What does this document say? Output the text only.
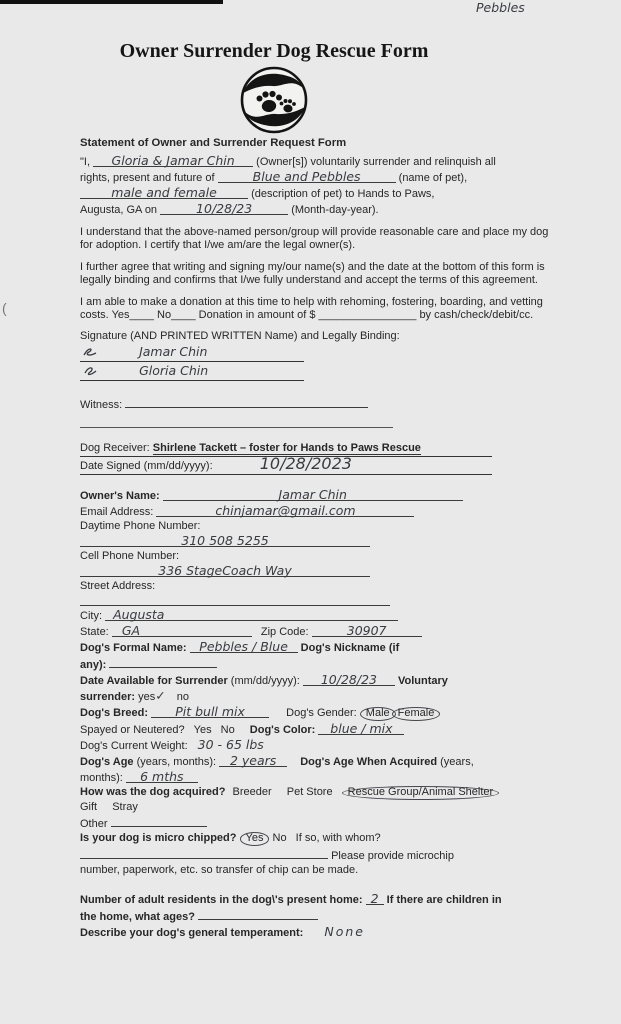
(
Pebbles
Owner Surrender Dog Rescue Form
Statement of Owner and Surrender Request Form
"I, Gloria & Jamar Chin (Owner[s]) voluntarily surrender and relinquish all
rights, present and future of	Blue and Pebbles	(name of pet),
male and female	(description of pet) to Hands to Paws,
Augusta, GA on	10/28/23	(Month-day-year).

I understand that the above-named person/group will provide reasonable care and place my dog for adoption. I certify that I/we am/are the legal owner(s).

I further agree that writing and signing my/our name(s) and the date at the bottom of this form is legally binding and confirms that I/we fully understand and accept the terms of this agreement.

I am able to make a donation at this time to help with rehoming, fostering, boarding, and vetting costs. Yes____ No____ Donation in amount of $ ________________ by cash/check/debit/cc.

Signature (AND PRINTED WRITTEN Name) and Legally Binding:

Jamar Chin
Gloria Chin
Witness:
Dog Receiver: Shirlene Tackett – foster for Hands to Paws Rescue
Date Signed (mm/dd/yyyy):	10/28/2023
Owner's Name:	Jamar Chin
Email Address:	chinjamar@gmail.com
Daytime Phone Number:
310 508 5255
Cell Phone Number:
336 StageCoach Way
Street Address:
City: Augusta
State: GA	Zip Code:	30907
Dog's Formal Name: Pebbles / Blue Dog's Nickname (if
any):
Date Available for Surrender (mm/dd/yyyy): 10/28/23 Voluntary
surrender: yes✓ no
Dog's Breed: Pit bull mix	Dog's Gender: Male Female
Spayed or Neutered? Yes No Dog's Color: blue / mix
Dog's Current Weight: 30 - 65 lbs
Dog's Age (years, months): 2 years Dog's Age When Acquired (years,
months): 6 mths
How was the dog acquired? Breeder Pet Store Rescue Group/Animal Shelter
Gift Stray
Other
Is your dog is micro chipped? Yes No If so, with whom?
Please provide microchip
number, paperwork, etc. so transfer of chip can be made.
Number of adult residents in the dog\'s present home: 2 If there are children in
the home, what ages?
Describe your dog's general temperament: None
